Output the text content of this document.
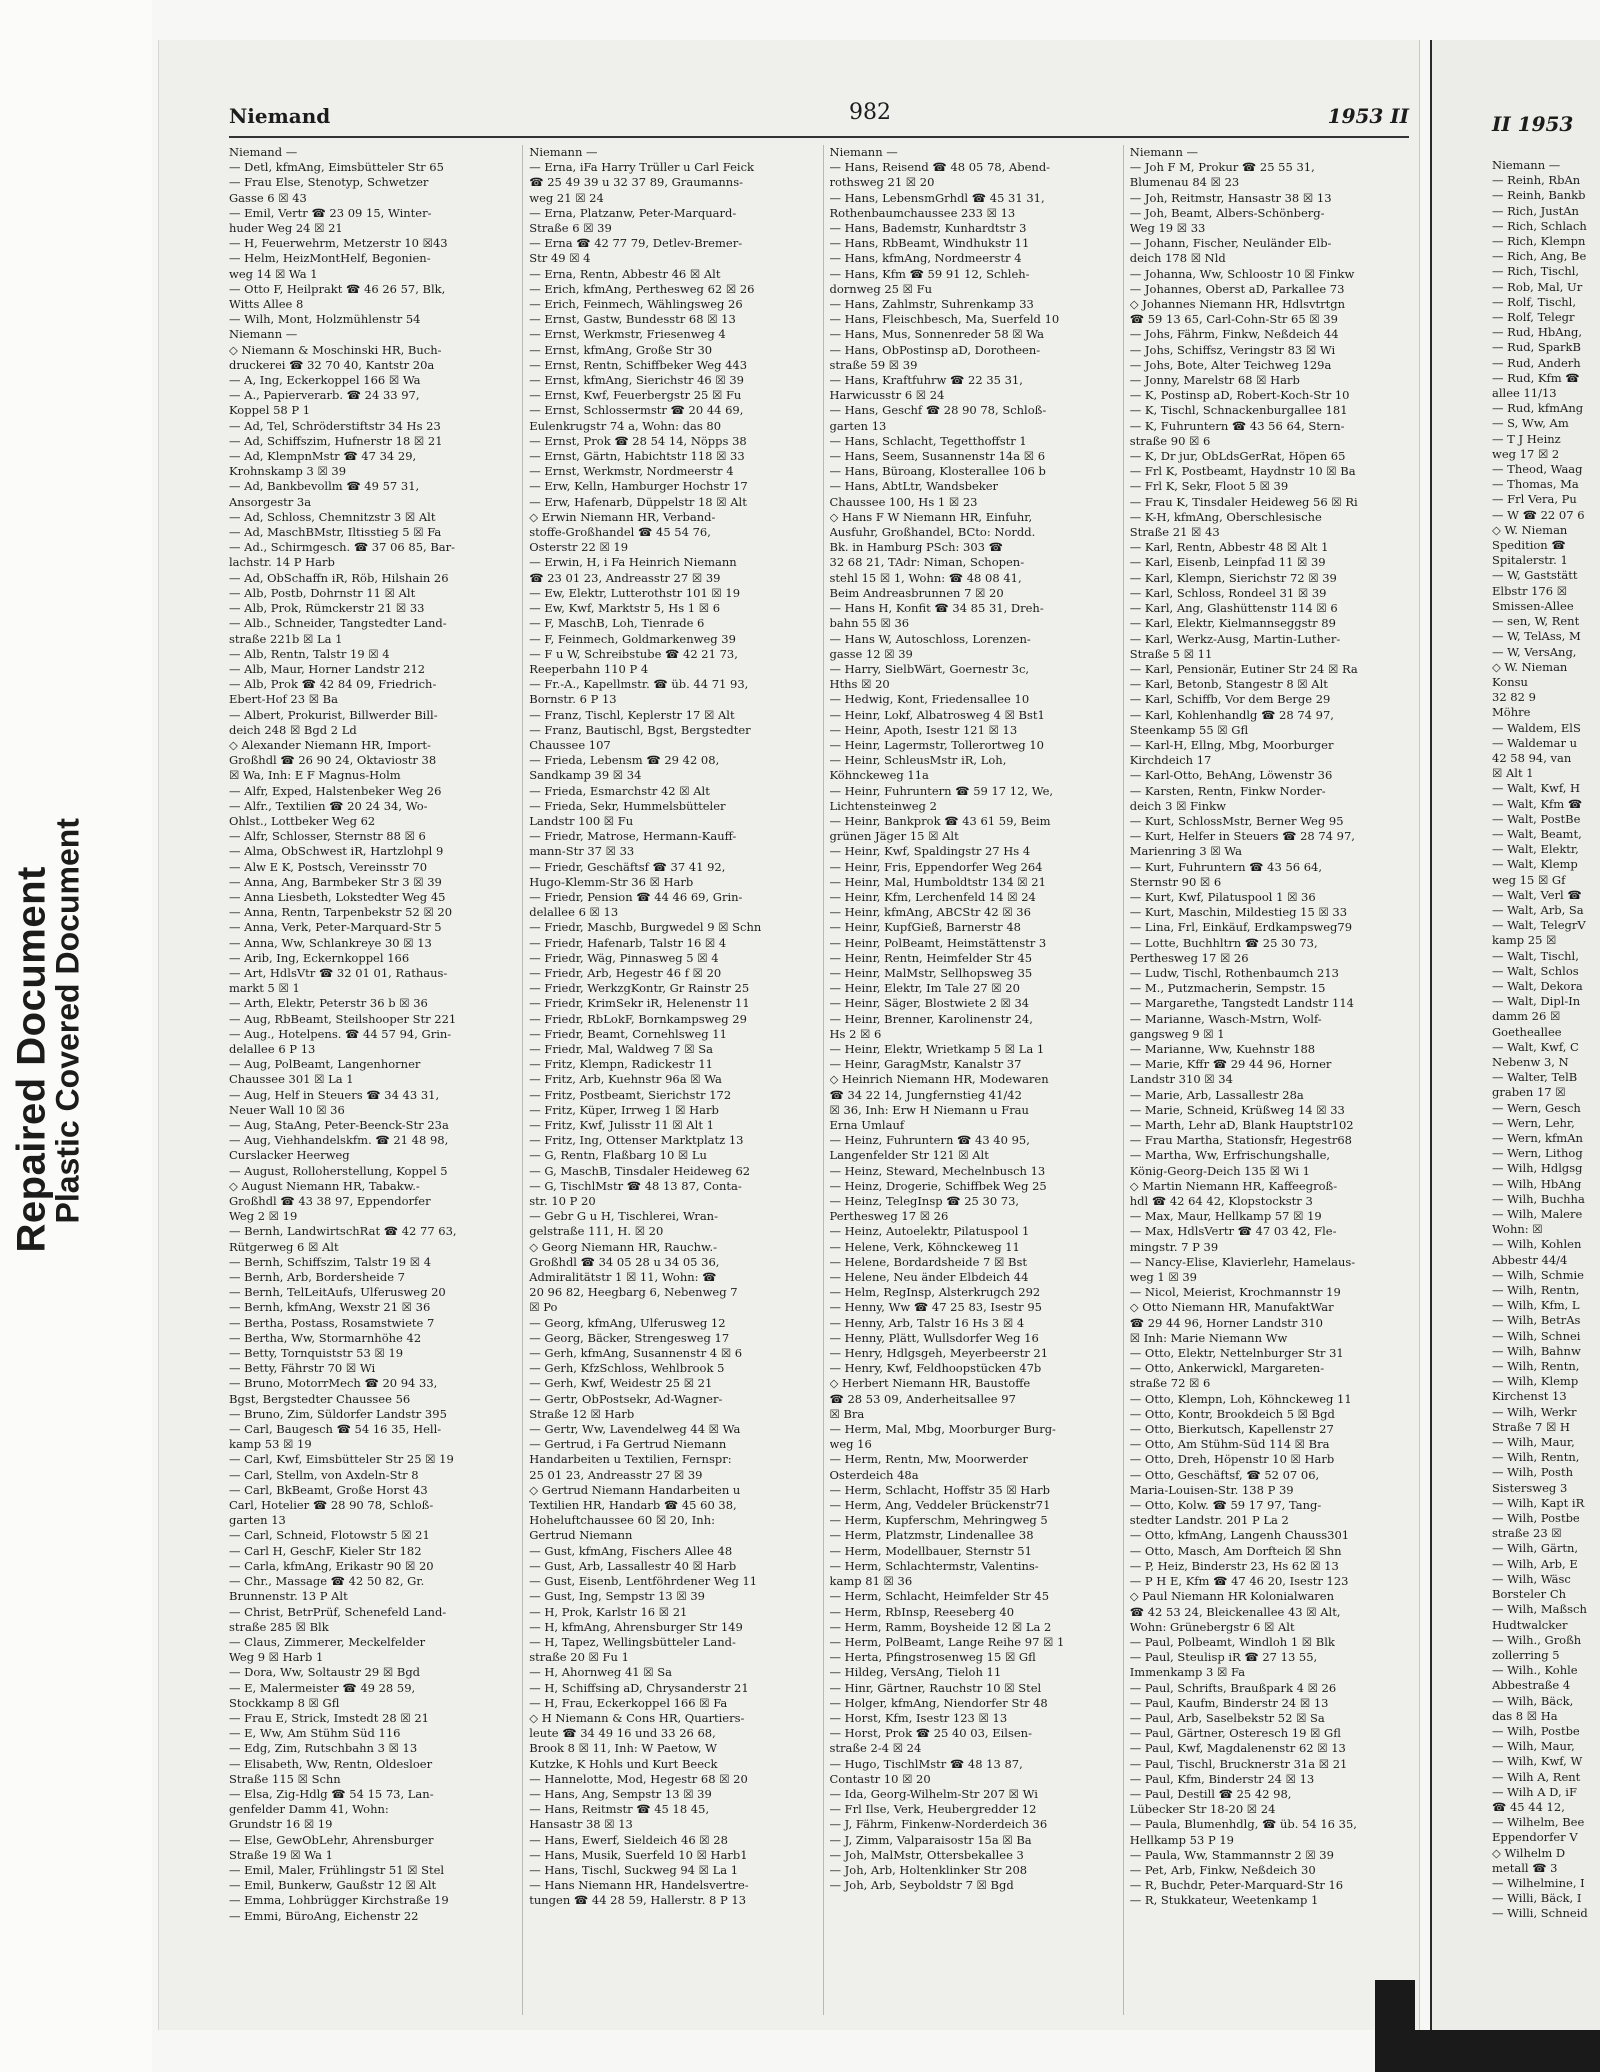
Repaired Document
Plastic Covered Document
Niemand	982	1953 II
Niemand —
— Detl, kfmAng, Eimsbütteler Str 65
— Frau Else, Stenotyp, Schwetzer
Gasse 6 ☒ 43
— Emil, Vertr ☎ 23 09 15, Winter-
huder Weg 24 ☒ 21
— H, Feuerwehrm, Metzerstr 10 ☒43
— Helm, HeizMontHelf, Begonien-
weg 14 ☒ Wa 1
— Otto F, Heilprakt ☎ 46 26 57, Blk,
Witts Allee 8
— Wilh, Mont, Holzmühlenstr 54
Niemann —
◇ Niemann & Moschinski HR, Buch-
druckerei ☎ 32 70 40, Kantstr 20a
— A, Ing, Eckerkoppel 166 ☒ Wa
— A., Papierverarb. ☎ 24 33 97,
Koppel 58 P 1
— Ad, Tel, Schröderstiftstr 34 Hs 23
— Ad, Schiffszim, Hufnerstr 18 ☒ 21
— Ad, KlempnMstr ☎ 47 34 29,
Krohnskamp 3 ☒ 39
— Ad, Bankbevollm ☎ 49 57 31,
Ansorgestr 3a
— Ad, Schloss, Chemnitzstr 3 ☒ Alt
— Ad, MaschBMstr, Iltisstieg 5 ☒ Fa
— Ad., Schirmgesch. ☎ 37 06 85, Bar-
lachstr. 14 P Harb
— Ad, ObSchaffn iR, Röb, Hilshain 26
— Alb, Postb, Dohrnstr 11 ☒ Alt
— Alb, Prok, Rümckerstr 21 ☒ 33
— Alb., Schneider, Tangstedter Land-
straße 221b ☒ La 1
— Alb, Rentn, Talstr 19 ☒ 4
— Alb, Maur, Horner Landstr 212
— Alb, Prok ☎ 42 84 09, Friedrich-
Ebert-Hof 23 ☒ Ba
— Albert, Prokurist, Billwerder Bill-
deich 248 ☒ Bgd 2 Ld
◇ Alexander Niemann HR, Import-
Großhdl ☎ 26 90 24, Oktaviostr 38
☒ Wa, Inh: E F Magnus-Holm
— Alfr, Exped, Halstenbeker Weg 26
— Alfr., Textilien ☎ 20 24 34, Wo-
Ohlst., Lottbeker Weg 62
— Alfr, Schlosser, Sternstr 88 ☒ 6
— Alma, ObSchwest iR, Hartzlohpl 9
— Alw E K, Postsch, Vereinsstr 70
— Anna, Ang, Barmbeker Str 3 ☒ 39
— Anna Liesbeth, Lokstedter Weg 45
— Anna, Rentn, Tarpenbekstr 52 ☒ 20
— Anna, Verk, Peter-Marquard-Str 5
— Anna, Ww, Schlankreye 30 ☒ 13
— Arib, Ing, Eckernkoppel 166
— Art, HdlsVtr ☎ 32 01 01, Rathaus-
markt 5 ☒ 1
— Arth, Elektr, Peterstr 36 b ☒ 36
— Aug, RbBeamt, Steilshooper Str 221
— Aug., Hotelpens. ☎ 44 57 94, Grin-
delallee 6 P 13
— Aug, PolBeamt, Langenhorner
Chaussee 301 ☒ La 1
— Aug, Helf in Steuers ☎ 34 43 31,
Neuer Wall 10 ☒ 36
— Aug, StaAng, Peter-Beenck-Str 23a
— Aug, Viehhandelskfm. ☎ 21 48 98,
Curslacker Heerweg
— August, Rolloherstellung, Koppel 5
◇ August Niemann HR, Tabakw.-
Großhdl ☎ 43 38 97, Eppendorfer
Weg 2 ☒ 19
— Bernh, LandwirtschRat ☎ 42 77 63,
Rütgerweg 6 ☒ Alt
— Bernh, Schiffszim, Talstr 19 ☒ 4
— Bernh, Arb, Bordersheide 7
— Bernh, TelLeitAufs, Ulferusweg 20
— Bernh, kfmAng, Wexstr 21 ☒ 36
— Bertha, Postass, Rosamstwiete 7
— Bertha, Ww, Stormarnhöhe 42
— Betty, Tornquiststr 53 ☒ 19
— Betty, Fährstr 70 ☒ Wi
— Bruno, MotorrMech ☎ 20 94 33,
Bgst, Bergstedter Chaussee 56
— Bruno, Zim, Süldorfer Landstr 395
— Carl, Baugesch ☎ 54 16 35, Hell-
kamp 53 ☒ 19
— Carl, Kwf, Eimsbütteler Str 25 ☒ 19
— Carl, Stellm, von Axdeln-Str 8
— Carl, BkBeamt, Große Horst 43
Carl, Hotelier ☎ 28 90 78, Schloß-
garten 13
— Carl, Schneid, Flotowstr 5 ☒ 21
— Carl H, GeschF, Kieler Str 182
— Carla, kfmAng, Erikastr 90 ☒ 20
— Chr., Massage ☎ 42 50 82, Gr.
Brunnenstr. 13 P Alt
— Christ, BetrPrüf, Schenefeld Land-
straße 285 ☒ Blk
— Claus, Zimmerer, Meckelfelder
Weg 9 ☒ Harb 1
— Dora, Ww, Soltaustr 29 ☒ Bgd
— E, Malermeister ☎ 49 28 59,
Stockkamp 8 ☒ Gfl
— Frau E, Strick, Imstedt 28 ☒ 21
— E, Ww, Am Stühm Süd 116
— Edg, Zim, Rutschbahn 3 ☒ 13
— Elisabeth, Ww, Rentn, Oldesloer
Straße 115 ☒ Schn
— Elsa, Zig-Hdlg ☎ 54 15 73, Lan-
genfelder Damm 41, Wohn:
Grundstr 16 ☒ 19
— Else, GewObLehr, Ahrensburger
Straße 19 ☒ Wa 1
— Emil, Maler, Frühlingstr 51 ☒ Stel
— Emil, Bunkerw, Gaußstr 12 ☒ Alt
— Emma, Lohbrügger Kirchstraße 19
— Emmi, BüroAng, Eichenstr 22
Niemann —
— Erna, iFa Harry Trüller u Carl Feick
☎ 25 49 39 u 32 37 89, Graumanns-
weg 21 ☒ 24
— Erna, Platzanw, Peter-Marquard-
Straße 6 ☒ 39
— Erna ☎ 42 77 79, Detlev-Bremer-
Str 49 ☒ 4
— Erna, Rentn, Abbestr 46 ☒ Alt
— Erich, kfmAng, Perthesweg 62 ☒ 26
— Erich, Feinmech, Wählingsweg 26
— Ernst, Gastw, Bundesstr 68 ☒ 13
— Ernst, Werkmstr, Friesenweg 4
— Ernst, kfmAng, Große Str 30
— Ernst, Rentn, Schiffbeker Weg 443
— Ernst, kfmAng, Sierichstr 46 ☒ 39
— Ernst, Kwf, Feuerbergstr 25 ☒ Fu
— Ernst, Schlossermstr ☎ 20 44 69,
Eulenkrugstr 74 a, Wohn: das 80
— Ernst, Prok ☎ 28 54 14, Nöpps 38
— Ernst, Gärtn, Habichtstr 118 ☒ 33
— Ernst, Werkmstr, Nordmeerstr 4
— Erw, Kelln, Hamburger Hochstr 17
— Erw, Hafenarb, Düppelstr 18 ☒ Alt
◇ Erwin Niemann HR, Verband-
stoffe-Großhandel ☎ 45 54 76,
Osterstr 22 ☒ 19
— Erwin, H, i Fa Heinrich Niemann
☎ 23 01 23, Andreasstr 27 ☒ 39
— Ew, Elektr, Lutterothstr 101 ☒ 19
— Ew, Kwf, Marktstr 5, Hs 1 ☒ 6
— F, MaschB, Loh, Tienrade 6
— F, Feinmech, Goldmarkenweg 39
— F u W, Schreibstube ☎ 42 21 73,
Reeperbahn 110 P 4
— Fr.-A., Kapellmstr. ☎ üb. 44 71 93,
Bornstr. 6 P 13
— Franz, Tischl, Keplerstr 17 ☒ Alt
— Franz, Bautischl, Bgst, Bergstedter
Chaussee 107
— Frieda, Lebensm ☎ 29 42 08,
Sandkamp 39 ☒ 34
— Frieda, Esmarchstr 42 ☒ Alt
— Frieda, Sekr, Hummelsbütteler
Landstr 100 ☒ Fu
— Friedr, Matrose, Hermann-Kauff-
mann-Str 37 ☒ 33
— Friedr, Geschäftsf ☎ 37 41 92,
Hugo-Klemm-Str 36 ☒ Harb
— Friedr, Pension ☎ 44 46 69, Grin-
delallee 6 ☒ 13
— Friedr, Maschb, Burgwedel 9 ☒ Schn
— Friedr, Hafenarb, Talstr 16 ☒ 4
— Friedr, Wäg, Pinnasweg 5 ☒ 4
— Friedr, Arb, Hegestr 46 f ☒ 20
— Friedr, WerkzgKontr, Gr Rainstr 25
— Friedr, KrimSekr iR, Helenenstr 11
— Friedr, RbLokF, Bornkampsweg 29
— Friedr, Beamt, Cornehlsweg 11
— Friedr, Mal, Waldweg 7 ☒ Sa
— Fritz, Klempn, Radickestr 11
— Fritz, Arb, Kuehnstr 96a ☒ Wa
— Fritz, Postbeamt, Sierichstr 172
— Fritz, Küper, Irrweg 1 ☒ Harb
— Fritz, Kwf, Julisstr 11 ☒ Alt 1
— Fritz, Ing, Ottenser Marktplatz 13
— G, Rentn, Flaßbarg 10 ☒ Lu
— G, MaschB, Tinsdaler Heideweg 62
— G, TischlMstr ☎ 48 13 87, Conta-
str. 10 P 20
— Gebr G u H, Tischlerei, Wran-
gelstraße 111, H. ☒ 20
◇ Georg Niemann HR, Rauchw.-
Großhdl ☎ 34 05 28 u 34 05 36,
Admiralitätstr 1 ☒ 11, Wohn: ☎
20 96 82, Heegbarg 6, Nebenweg 7
☒ Po
— Georg, kfmAng, Ulferusweg 12
— Georg, Bäcker, Strengesweg 17
— Gerh, kfmAng, Susannenstr 4 ☒ 6
— Gerh, KfzSchloss, Wehlbrook 5
— Gerh, Kwf, Weidestr 25 ☒ 21
— Gertr, ObPostsekr, Ad-Wagner-
Straße 12 ☒ Harb
— Gertr, Ww, Lavendelweg 44 ☒ Wa
— Gertrud, i Fa Gertrud Niemann
Handarbeiten u Textilien, Fernspr:
25 01 23, Andreasstr 27 ☒ 39
◇ Gertrud Niemann Handarbeiten u
Textilien HR, Handarb ☎ 45 60 38,
Hoheluftchaussee 60 ☒ 20, Inh:
Gertrud Niemann
— Gust, kfmAng, Fischers Allee 48
— Gust, Arb, Lassallestr 40 ☒ Harb
— Gust, Eisenb, Lentföhrdener Weg 11
— Gust, Ing, Sempstr 13 ☒ 39
— H, Prok, Karlstr 16 ☒ 21
— H, kfmAng, Ahrensburger Str 149
— H, Tapez, Wellingsbütteler Land-
straße 20 ☒ Fu 1
— H, Ahornweg 41 ☒ Sa
— H, Schiffsing aD, Chrysanderstr 21
— H, Frau, Eckerkoppel 166 ☒ Fa
◇ H Niemann & Cons HR, Quartiers-
leute ☎ 34 49 16 und 33 26 68,
Brook 8 ☒ 11, Inh: W Paetow, W
Kutzke, K Hohls und Kurt Beeck
— Hannelotte, Mod, Hegestr 68 ☒ 20
— Hans, Ang, Sempstr 13 ☒ 39
— Hans, Reitmstr ☎ 45 18 45,
Hansastr 38 ☒ 13
— Hans, Ewerf, Sieldeich 46 ☒ 28
— Hans, Musik, Suerfeld 10 ☒ Harb1
— Hans, Tischl, Suckweg 94 ☒ La 1
— Hans Niemann HR, Handelsvertre-
tungen ☎ 44 28 59, Hallerstr. 8 P 13
Niemann —
— Hans, Reisend ☎ 48 05 78, Abend-
rothsweg 21 ☒ 20
— Hans, LebensmGrhdl ☎ 45 31 31,
Rothenbaumchaussee 233 ☒ 13
— Hans, Bademstr, Kunhardtstr 3
— Hans, RbBeamt, Windhukstr 11
— Hans, kfmAng, Nordmeerstr 4
— Hans, Kfm ☎ 59 91 12, Schleh-
dornweg 25 ☒ Fu
— Hans, Zahlmstr, Suhrenkamp 33
— Hans, Fleischbesch, Ma, Suerfeld 10
— Hans, Mus, Sonnenreder 58 ☒ Wa
— Hans, ObPostinsp aD, Dorotheen-
straße 59 ☒ 39
— Hans, Kraftfuhrw ☎ 22 35 31,
Harwicusstr 6 ☒ 24
— Hans, Geschf ☎ 28 90 78, Schloß-
garten 13
— Hans, Schlacht, Tegetthoffstr 1
— Hans, Seem, Susannenstr 14a ☒ 6
— Hans, Büroang, Klosterallee 106 b
— Hans, AbtLtr, Wandsbeker
Chaussee 100, Hs 1 ☒ 23
◇ Hans F W Niemann HR, Einfuhr,
Ausfuhr, Großhandel, BCto: Nordd.
Bk. in Hamburg PSch: 303 ☎
32 68 21, TAdr: Niman, Schopen-
stehl 15 ☒ 1, Wohn: ☎ 48 08 41,
Beim Andreasbrunnen 7 ☒ 20
— Hans H, Konfit ☎ 34 85 31, Dreh-
bahn 55 ☒ 36
— Hans W, Autoschloss, Lorenzen-
gasse 12 ☒ 39
— Harry, SielbWärt, Goernestr 3c,
Hths ☒ 20
— Hedwig, Kont, Friedensallee 10
— Heinr, Lokf, Albatrosweg 4 ☒ Bst1
— Heinr, Apoth, Isestr 121 ☒ 13
— Heinr, Lagermstr, Tollerortweg 10
— Heinr, SchleusMstr iR, Loh,
Köhnckeweg 11a
— Heinr, Fuhruntern ☎ 59 17 12, We,
Lichtensteinweg 2
— Heinr, Bankprok ☎ 43 61 59, Beim
grünen Jäger 15 ☒ Alt
— Heinr, Kwf, Spaldingstr 27 Hs 4
— Heinr, Fris, Eppendorfer Weg 264
— Heinr, Mal, Humboldtstr 134 ☒ 21
— Heinr, Kfm, Lerchenfeld 14 ☒ 24
— Heinr, kfmAng, ABCStr 42 ☒ 36
— Heinr, KupfGieß, Barnerstr 48
— Heinr, PolBeamt, Heimstättenstr 3
— Heinr, Rentn, Heimfelder Str 45
— Heinr, MalMstr, Sellhopsweg 35
— Heinr, Elektr, Im Tale 27 ☒ 20
— Heinr, Säger, Blostwiete 2 ☒ 34
— Heinr, Brenner, Karolinenstr 24,
Hs 2 ☒ 6
— Heinr, Elektr, Wrietkamp 5 ☒ La 1
— Heinr, GaragMstr, Kanalstr 37
◇ Heinrich Niemann HR, Modewaren
☎ 34 22 14, Jungfernstieg 41/42
☒ 36, Inh: Erw H Niemann u Frau
Erna Umlauf
— Heinz, Fuhruntern ☎ 43 40 95,
Langenfelder Str 121 ☒ Alt
— Heinz, Steward, Mechelnbusch 13
— Heinz, Drogerie, Schiffbek Weg 25
— Heinz, TelegInsp ☎ 25 30 73,
Perthesweg 17 ☒ 26
— Heinz, Autoelektr, Pilatuspool 1
— Helene, Verk, Köhnckeweg 11
— Helene, Bordardsheide 7 ☒ Bst
— Helene, Neu änder Elbdeich 44
— Helm, RegInsp, Alsterkrugch 292
— Henny, Ww ☎ 47 25 83, Isestr 95
— Henny, Arb, Talstr 16 Hs 3 ☒ 4
— Henny, Plätt, Wullsdorfer Weg 16
— Henry, Hdlgsgeh, Meyerbeerstr 21
— Henry, Kwf, Feldhoopstücken 47b
◇ Herbert Niemann HR, Baustoffe
☎ 28 53 09, Anderheitsallee 97
☒ Bra
— Herm, Mal, Mbg, Moorburger Burg-
weg 16
— Herm, Rentn, Mw, Moorwerder
Osterdeich 48a
— Herm, Schlacht, Hoffstr 35 ☒ Harb
— Herm, Ang, Veddeler Brückenstr71
— Herm, Kupferschm, Mehringweg 5
— Herm, Platzmstr, Lindenallee 38
— Herm, Modellbauer, Sternstr 51
— Herm, Schlachtermstr, Valentins-
kamp 81 ☒ 36
— Herm, Schlacht, Heimfelder Str 45
— Herm, RbInsp, Reeseberg 40
— Herm, Ramm, Boysheide 12 ☒ La 2
— Herm, PolBeamt, Lange Reihe 97 ☒ 1
— Herta, Pfingstrosenweg 15 ☒ Gfl
— Hildeg, VersAng, Tieloh 11
— Hinr, Gärtner, Rauchstr 10 ☒ Stel
— Holger, kfmAng, Niendorfer Str 48
— Horst, Kfm, Isestr 123 ☒ 13
— Horst, Prok ☎ 25 40 03, Eilsen-
straße 2-4 ☒ 24
— Hugo, TischlMstr ☎ 48 13 87,
Contastr 10 ☒ 20
— Ida, Georg-Wilhelm-Str 207 ☒ Wi
— Frl Ilse, Verk, Heubergredder 12
— J, Fährm, Finkenw-Norderdeich 36
— J, Zimm, Valparaisostr 15a ☒ Ba
— Joh, MalMstr, Ottersbekallee 3
— Joh, Arb, Holtenklinker Str 208
— Joh, Arb, Seyboldstr 7 ☒ Bgd
Niemann —
— Joh F M, Prokur ☎ 25 55 31,
Blumenau 84 ☒ 23
— Joh, Reitmstr, Hansastr 38 ☒ 13
— Joh, Beamt, Albers-Schönberg-
Weg 19 ☒ 33
— Johann, Fischer, Neuländer Elb-
deich 178 ☒ Nld
— Johanna, Ww, Schloostr 10 ☒ Finkw
— Johannes, Oberst aD, Parkallee 73
◇ Johannes Niemann HR, Hdlsvtrtgn
☎ 59 13 65, Carl-Cohn-Str 65 ☒ 39
— Johs, Fährm, Finkw, Neßdeich 44
— Johs, Schiffsz, Veringstr 83 ☒ Wi
— Johs, Bote, Alter Teichweg 129a
— Jonny, Marelstr 68 ☒ Harb
— K, Postinsp aD, Robert-Koch-Str 10
— K, Tischl, Schnackenburgallee 181
— K, Fuhruntern ☎ 43 56 64, Stern-
straße 90 ☒ 6
— K, Dr jur, ObLdsGerRat, Höpen 65
— Frl K, Postbeamt, Haydnstr 10 ☒ Ba
— Frl K, Sekr, Floot 5 ☒ 39
— Frau K, Tinsdaler Heideweg 56 ☒ Ri
— K-H, kfmAng, Oberschlesische
Straße 21 ☒ 43
— Karl, Rentn, Abbestr 48 ☒ Alt 1
— Karl, Eisenb, Leinpfad 11 ☒ 39
— Karl, Klempn, Sierichstr 72 ☒ 39
— Karl, Schloss, Rondeel 31 ☒ 39
— Karl, Ang, Glashüttenstr 114 ☒ 6
— Karl, Elektr, Kielmannseggstr 89
— Karl, Werkz-Ausg, Martin-Luther-
Straße 5 ☒ 11
— Karl, Pensionär, Eutiner Str 24 ☒ Ra
— Karl, Betonb, Stangestr 8 ☒ Alt
— Karl, Schiffb, Vor dem Berge 29
— Karl, Kohlenhandlg ☎ 28 74 97,
Steenkamp 55 ☒ Gfl
— Karl-H, Ellng, Mbg, Moorburger
Kirchdeich 17
— Karl-Otto, BehAng, Löwenstr 36
— Karsten, Rentn, Finkw Norder-
deich 3 ☒ Finkw
— Kurt, SchlossMstr, Berner Weg 95
— Kurt, Helfer in Steuers ☎ 28 74 97,
Marienring 3 ☒ Wa
— Kurt, Fuhruntern ☎ 43 56 64,
Sternstr 90 ☒ 6
— Kurt, Kwf, Pilatuspool 1 ☒ 36
— Kurt, Maschin, Mildestieg 15 ☒ 33
— Lina, Frl, Einkäuf, Erdkampsweg79
— Lotte, Buchhltrn ☎ 25 30 73,
Perthesweg 17 ☒ 26
— Ludw, Tischl, Rothenbaumch 213
— M., Putzmacherin, Sempstr. 15
— Margarethe, Tangstedt Landstr 114
— Marianne, Wasch-Mstrn, Wolf-
gangsweg 9 ☒ 1
— Marianne, Ww, Kuehnstr 188
— Marie, Kffr ☎ 29 44 96, Horner
Landstr 310 ☒ 34
— Marie, Arb, Lassallestr 28a
— Marie, Schneid, Krüßweg 14 ☒ 33
— Marth, Lehr aD, Blank Hauptstr102
— Frau Martha, Stationsfr, Hegestr68
— Martha, Ww, Erfrischungshalle,
König-Georg-Deich 135 ☒ Wi 1
◇ Martin Niemann HR, Kaffeegroß-
hdl ☎ 42 64 42, Klopstockstr 3
— Max, Maur, Hellkamp 57 ☒ 19
— Max, HdlsVertr ☎ 47 03 42, Fle-
mingstr. 7 P 39
— Nancy-Elise, Klavierlehr, Hamelaus-
weg 1 ☒ 39
— Nicol, Meierist, Krochmannstr 19
◇ Otto Niemann HR, ManufaktWar
☎ 29 44 96, Horner Landstr 310
☒ Inh: Marie Niemann Ww
— Otto, Elektr, Nettelnburger Str 31
— Otto, Ankerwickl, Margareten-
straße 72 ☒ 6
— Otto, Klempn, Loh, Köhnckeweg 11
— Otto, Kontr, Brookdeich 5 ☒ Bgd
— Otto, Bierkutsch, Kapellenstr 27
— Otto, Am Stühm-Süd 114 ☒ Bra
— Otto, Dreh, Höpenstr 10 ☒ Harb
— Otto, Geschäftsf, ☎ 52 07 06,
Maria-Louisen-Str. 138 P 39
— Otto, Kolw. ☎ 59 17 97, Tang-
stedter Landstr. 201 P La 2
— Otto, kfmAng, Langenh Chauss301
— Otto, Masch, Am Dorfteich ☒ Shn
— P, Heiz, Binderstr 23, Hs 62 ☒ 13
— P H E, Kfm ☎ 47 46 20, Isestr 123
◇ Paul Niemann HR Kolonialwaren
☎ 42 53 24, Bleickenallee 43 ☒ Alt,
Wohn: Grünebergstr 6 ☒ Alt
— Paul, Polbeamt, Windloh 1 ☒ Blk
— Paul, Steulisp iR ☎ 27 13 55,
Immenkamp 3 ☒ Fa
— Paul, Schrifts, Braußpark 4 ☒ 26
— Paul, Kaufm, Binderstr 24 ☒ 13
— Paul, Arb, Saselbekstr 52 ☒ Sa
— Paul, Gärtner, Osteresch 19 ☒ Gfl
— Paul, Kwf, Magdalenenstr 62 ☒ 13
— Paul, Tischl, Brucknerstr 31a ☒ 21
— Paul, Kfm, Binderstr 24 ☒ 13
— Paul, Destill ☎ 25 42 98,
Lübecker Str 18-20 ☒ 24
— Paula, Blumenhdlg, ☎ üb. 54 16 35,
Hellkamp 53 P 19
— Paula, Ww, Stammannstr 2 ☒ 39
— Pet, Arb, Finkw, Neßdeich 30
— R, Buchdr, Peter-Marquard-Str 16
— R, Stukkateur, Weetenkamp 1
II 1953
Niemann —
— Reinh, RbAn
— Reinh, Bankb
— Rich, JustAn
— Rich, Schlach
— Rich, Klempn
— Rich, Ang, Be
— Rich, Tischl,
— Rob, Mal, Ur
— Rolf, Tischl,
— Rolf, Telegr
— Rud, HbAng,
— Rud, SparkB
— Rud, Anderh
— Rud, Kfm ☎
allee 11/13
— Rud, kfmAng
— S, Ww, Am
— T J Heinz
weg 17 ☒ 2
— Theod, Waag
— Thomas, Ma
— Frl Vera, Pu
— W ☎ 22 07 6
◇ W. Nieman
Spedition ☎
Spitalerstr. 1
— W, Gaststätt
Elbstr 176 ☒
Smissen-Allee
— sen, W, Rent
— W, TelAss, M
— W, VersAng,
◇ W. Nieman
Konsu
32 82 9
Möhre
— Waldem, ElS
— Waldemar u
42 58 94, van
☒ Alt 1
— Walt, Kwf, H
— Walt, Kfm ☎
— Walt, PostBe
— Walt, Beamt,
— Walt, Elektr,
— Walt, Klemp
weg 15 ☒ Gf
— Walt, Verl ☎
— Walt, Arb, Sa
— Walt, TelegrV
kamp 25 ☒
— Walt, Tischl,
— Walt, Schlos
— Walt, Dekora
— Walt, Dipl-In
damm 26 ☒
Goetheallee
— Walt, Kwf, C
Nebenw 3, N
— Walter, TelB
graben 17 ☒
— Wern, Gesch
— Wern, Lehr,
— Wern, kfmAn
— Wern, Lithog
— Wilh, Hdlgsg
— Wilh, HbAng
— Wilh, Buchha
— Wilh, Malere
Wohn: ☒
— Wilh, Kohlen
Abbestr 44/4
— Wilh, Schmie
— Wilh, Rentn,
— Wilh, Kfm, L
— Wilh, BetrAs
— Wilh, Schnei
— Wilh, Bahnw
— Wilh, Rentn,
— Wilh, Klemp
Kirchenst 13
— Wilh, Werkr
Straße 7 ☒ H
— Wilh, Maur,
— Wilh, Rentn,
— Wilh, Posth
Sistersweg 3
— Wilh, Kapt iR
— Wilh, Postbe
straße 23 ☒
— Wilh, Gärtn,
— Wilh, Arb, E
— Wilh, Wäsc
Borsteler Ch
— Wilh, Maßsch
Hudtwalcker
— Wilh., Großh
zollerring 5
— Wilh., Kohle
Abbestraße 4
— Wilh, Bäck,
das 8 ☒ Ha
— Wilh, Postbe
— Wilh, Maur,
— Wilh, Kwf, W
— Wilh A, Rent
— Wilh A D, iF
☎ 45 44 12,
— Wilhelm, Bee
Eppendorfer V
◇ Wilhelm D
metall ☎ 3
— Wilhelmine, I
— Willi, Bäck, I
— Willi, Schneid
